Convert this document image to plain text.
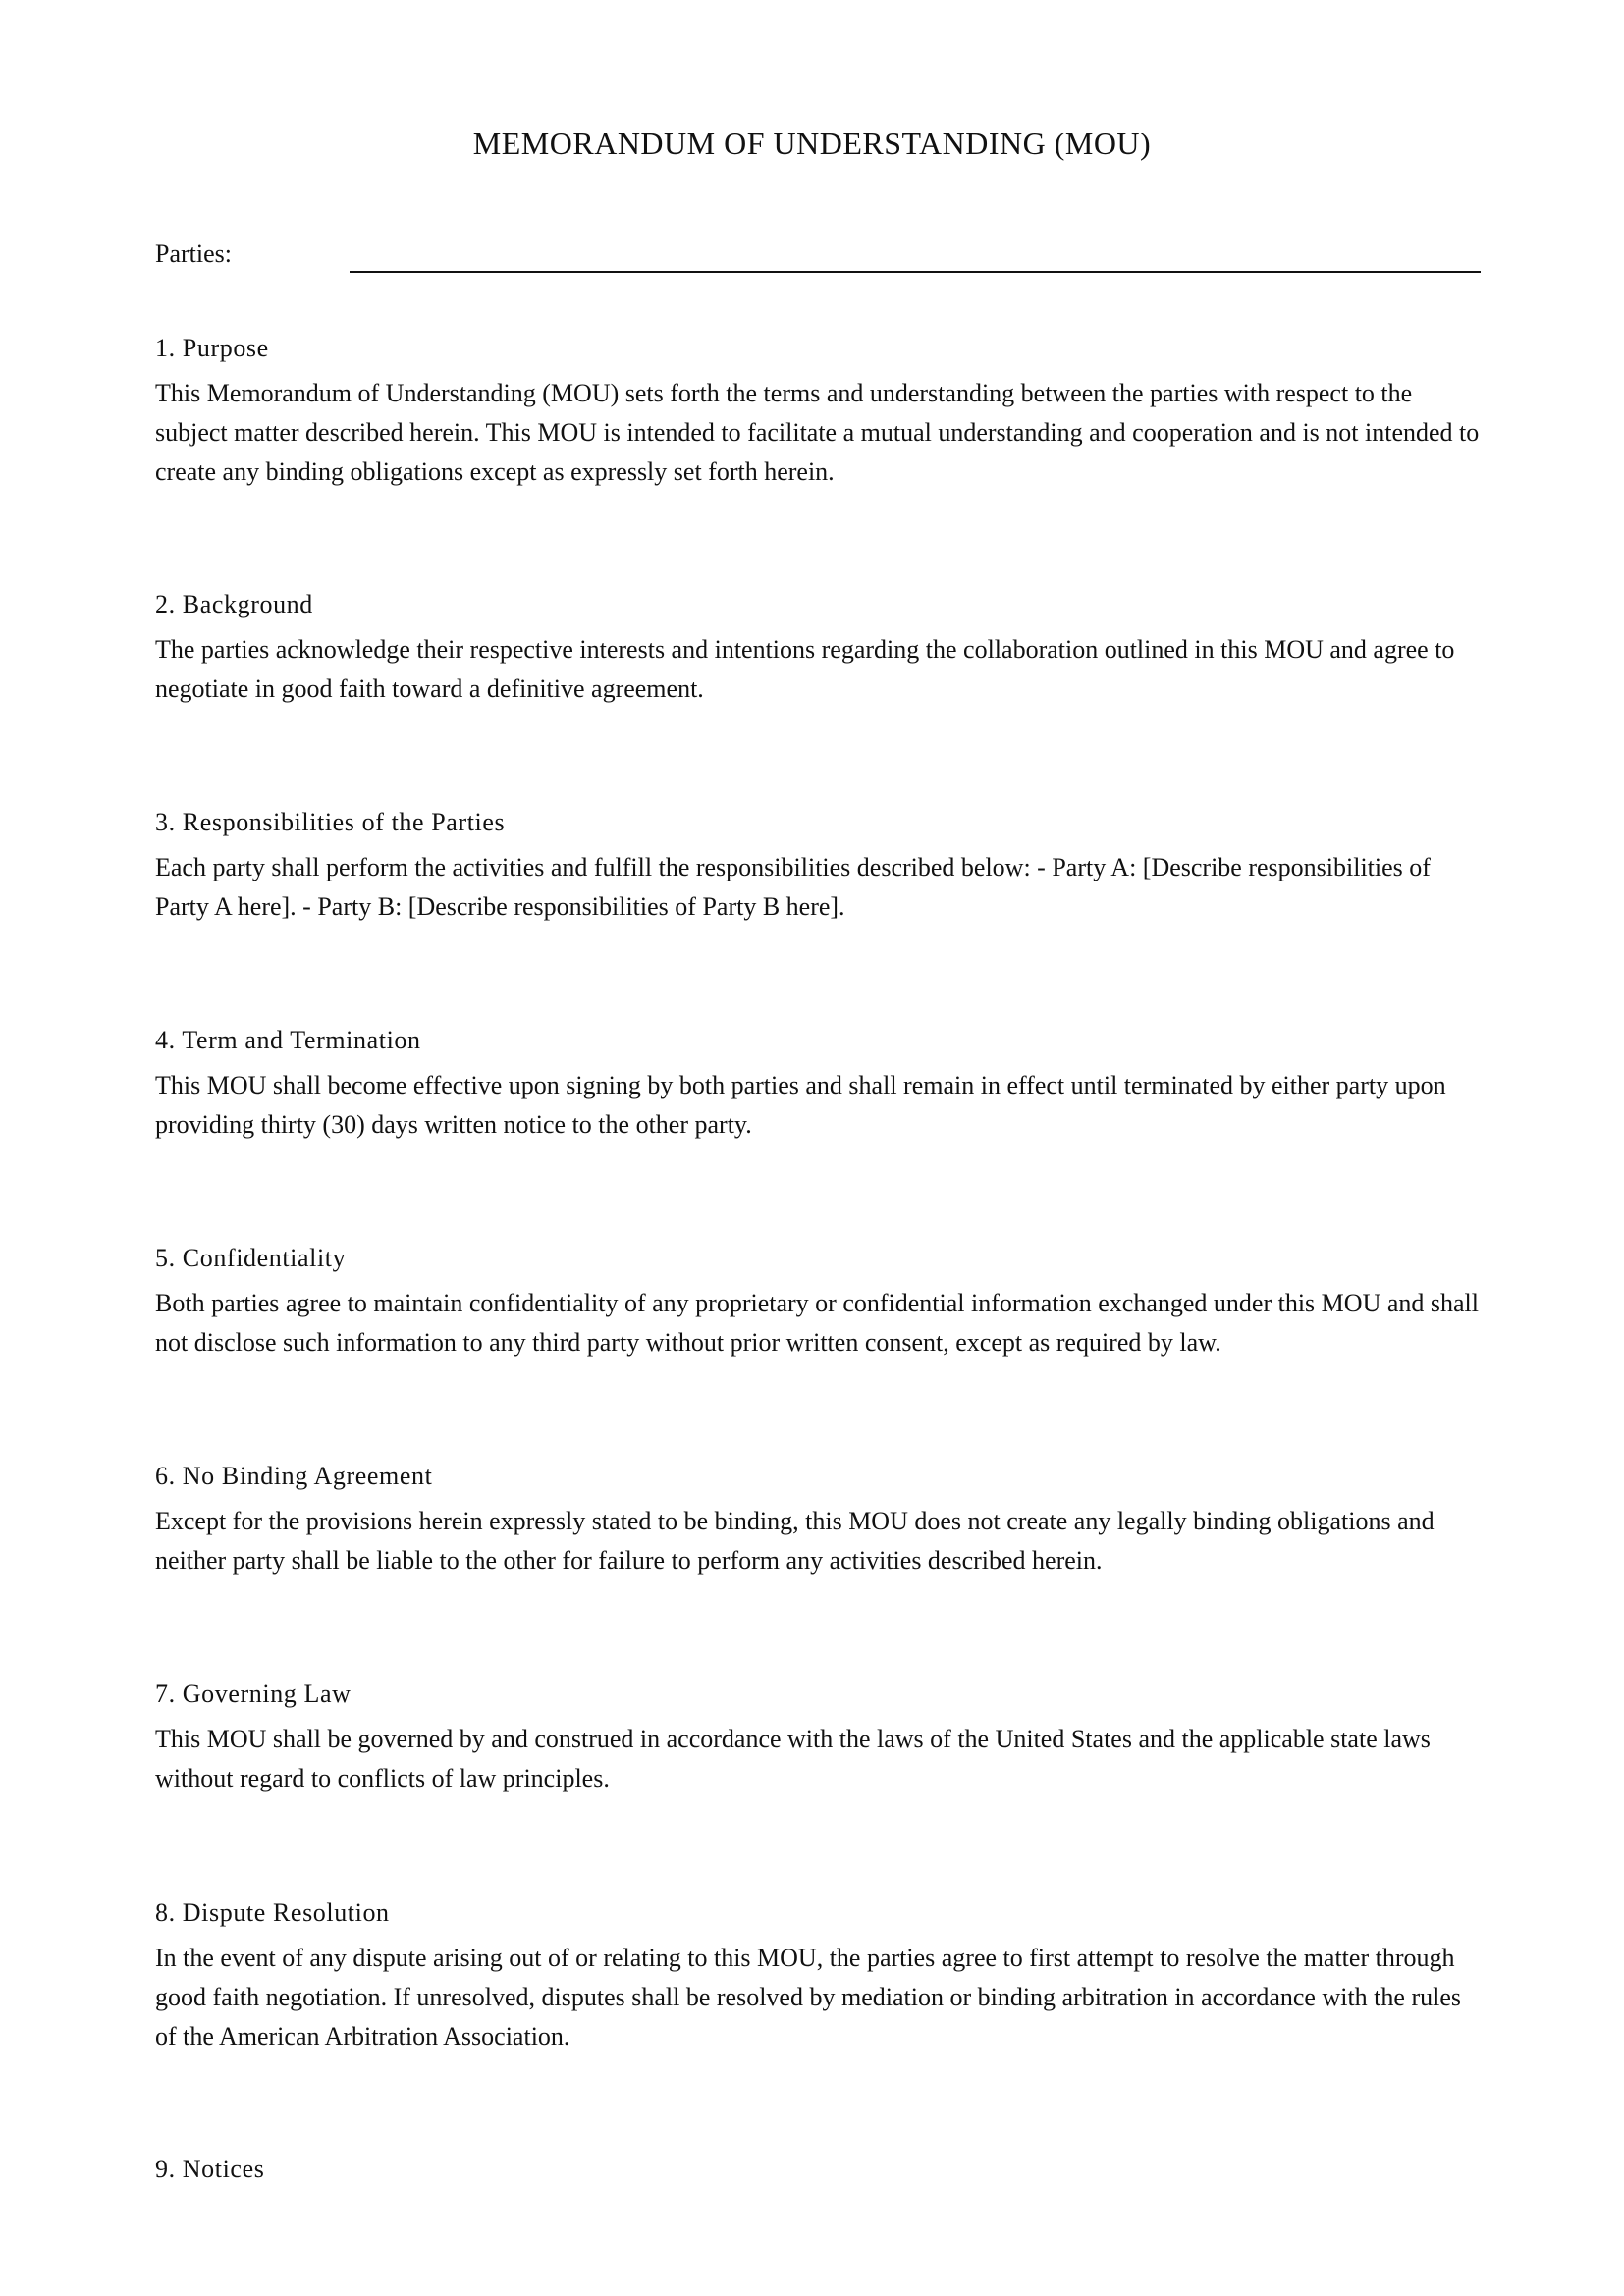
MEMORANDUM OF UNDERSTANDING (MOU)
Parties:
1. Purpose

This Memorandum of Understanding (MOU) sets forth the terms and understanding between the parties with respect to the subject matter described herein. This MOU is intended to facilitate a mutual understanding and cooperation and is not intended to create any binding obligations except as expressly set forth herein.

2. Background

The parties acknowledge their respective interests and intentions regarding the collaboration outlined in this MOU and agree to negotiate in good faith toward a definitive agreement.

3. Responsibilities of the Parties

Each party shall perform the activities and fulfill the responsibilities described below: - Party A: [Describe responsibilities of Party A here]. - Party B: [Describe responsibilities of Party B here].

4. Term and Termination

This MOU shall become effective upon signing by both parties and shall remain in effect until terminated by either party upon providing thirty (30) days written notice to the other party.

5. Confidentiality

Both parties agree to maintain confidentiality of any proprietary or confidential information exchanged under this MOU and shall not disclose such information to any third party without prior written consent, except as required by law.

6. No Binding Agreement

Except for the provisions herein expressly stated to be binding, this MOU does not create any legally binding obligations and neither party shall be liable to the other for failure to perform any activities described herein.

7. Governing Law

This MOU shall be governed by and construed in accordance with the laws of the United States and the applicable state laws without regard to conflicts of law principles.

8. Dispute Resolution

In the event of any dispute arising out of or relating to this MOU, the parties agree to first attempt to resolve the matter through good faith negotiation. If unresolved, disputes shall be resolved by mediation or binding arbitration in accordance with the rules of the American Arbitration Association.

9. Notices
